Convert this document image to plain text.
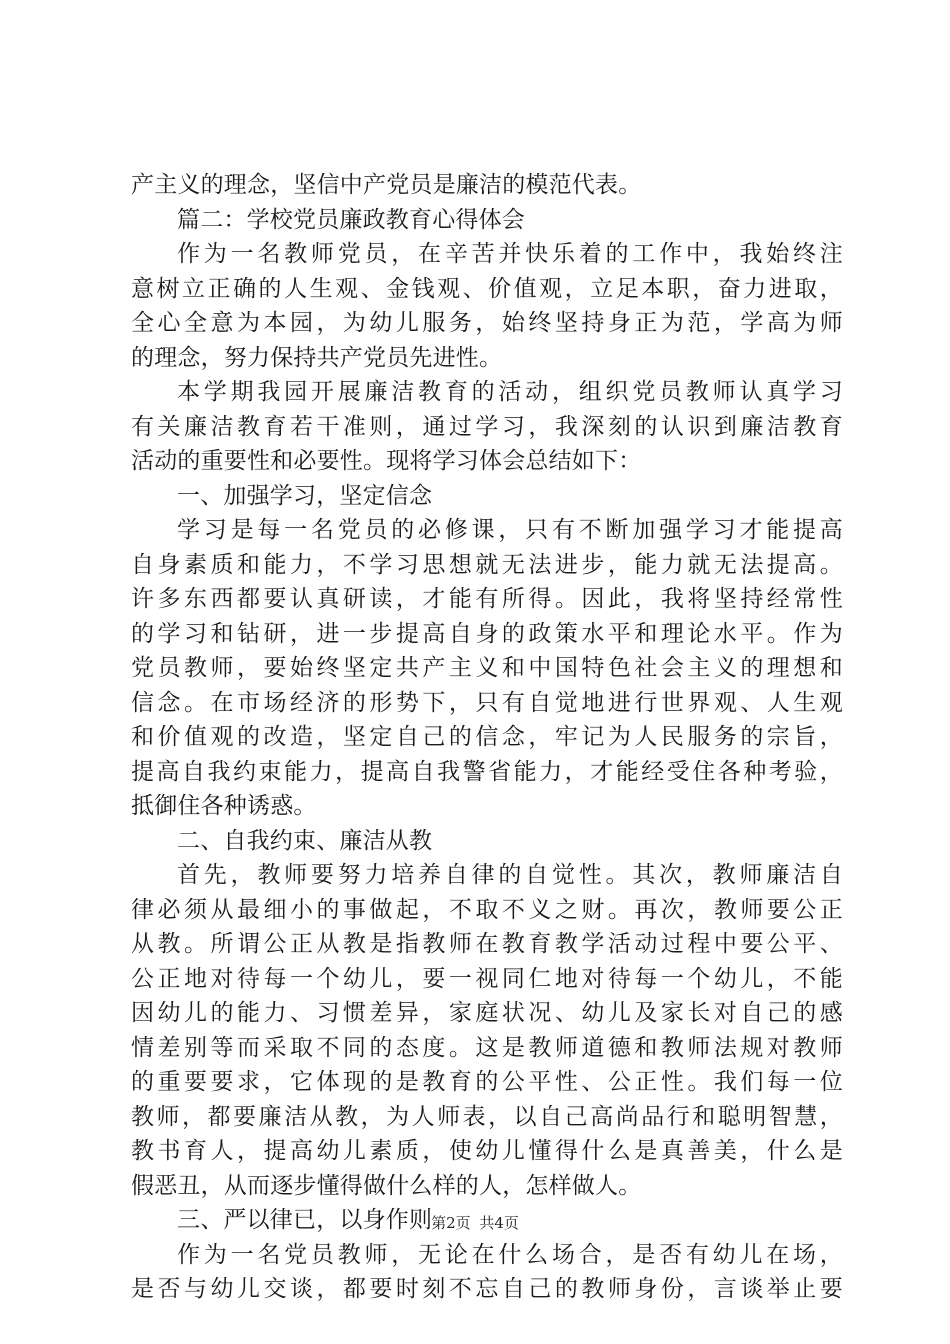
产主义的理念，坚信中产党员是廉洁的模范代表。
篇二：学校党员廉政教育心得体会
作为一名教师党员，在辛苦并快乐着的工作中，我始终注
意树立正确的人生观、金钱观、价值观，立足本职，奋力进取，
全心全意为本园，为幼儿服务，始终坚持身正为范，学高为师
的理念，努力保持共产党员先进性。
本学期我园开展廉洁教育的活动，组织党员教师认真学习
有关廉洁教育若干准则，通过学习，我深刻的认识到廉洁教育
活动的重要性和必要性。现将学习体会总结如下：
一、加强学习，坚定信念
学习是每一名党员的必修课，只有不断加强学习才能提高
自身素质和能力，不学习思想就无法进步，能力就无法提高。
许多东西都要认真研读，才能有所得。因此，我将坚持经常性
的学习和钻研，进一步提高自身的政策水平和理论水平。作为
党员教师，要始终坚定共产主义和中国特色社会主义的理想和
信念。在市场经济的形势下，只有自觉地进行世界观、人生观
和价值观的改造，坚定自己的信念，牢记为人民服务的宗旨，
提高自我约束能力，提高自我警省能力，才能经受住各种考验，
抵御住各种诱惑。
二、自我约束、廉洁从教
首先，教师要努力培养自律的自觉性。其次，教师廉洁自
律必须从最细小的事做起，不取不义之财。再次，教师要公正
从教。所谓公正从教是指教师在教育教学活动过程中要公平、
公正地对待每一个幼儿，要一视同仁地对待每一个幼儿，不能
因幼儿的能力、习惯差异，家庭状况、幼儿及家长对自己的感
情差别等而采取不同的态度。这是教师道德和教师法规对教师
的重要要求，它体现的是教育的公平性、公正性。我们每一位
教师，都要廉洁从教，为人师表，以自己高尚品行和聪明智慧，
教书育人，提高幼儿素质，使幼儿懂得什么是真善美，什么是
假恶丑，从而逐步懂得做什么样的人，怎样做人。
三、严以律已，以身作则
作为一名党员教师，无论在什么场合，是否有幼儿在场，
是否与幼儿交谈，都要时刻不忘自己的教师身份，言谈举止要
第2页 共4页
